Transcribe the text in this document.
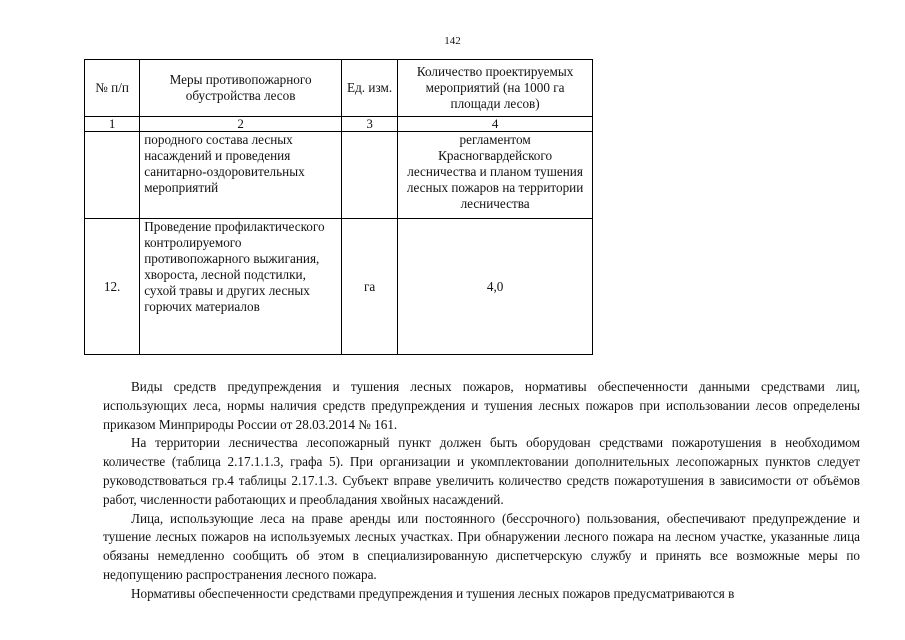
142
№ п/п	Меры противопожарного обустройства лесов	Ед. изм.	Количество проектируемых мероприятий (на 1000 га площади лесов)
1	2	3	4
	породного состава лесных насаждений и проведения санитарно-оздоровительных мероприятий		регламентом Красногвардейского лесничества и планом тушения лесных пожаров на территории лесничества
12.	Проведение профилактического контролируемого противопожарного выжигания, хвороста, лесной подстилки, сухой травы и других лесных горючих материалов	га	4,0

Виды средств предупреждения и тушения лесных пожаров, нормативы обеспеченности данными средствами лиц, использующих леса, нормы наличия средств предупреждения и тушения лесных пожаров при использовании лесов определены приказом Минприроды России от 28.03.2014 № 161.

На территории лесничества лесопожарный пункт должен быть оборудован средствами пожаротушения в необходимом количестве (таблица 2.17.1.1.3, графа 5). При организации и укомплектовании дополнительных лесопожарных пунктов следует руководствоваться гр.4 таблицы 2.17.1.3. Субъект вправе увеличить количество средств пожаротушения в зависимости от объёмов работ, численности работающих и преобладания хвойных насаждений.

Лица, использующие леса на праве аренды или постоянного (бессрочного) пользования, обеспечивают предупреждение и тушение лесных пожаров на используемых лесных участках. При обнаружении лесного пожара на лесном участке, указанные лица обязаны немедленно сообщить об этом в специализированную диспетчерскую службу и принять все возможные меры по недопущению распространения лесного пожара.

Нормативы обеспеченности средствами предупреждения и тушения лесных пожаров предусматриваются в
